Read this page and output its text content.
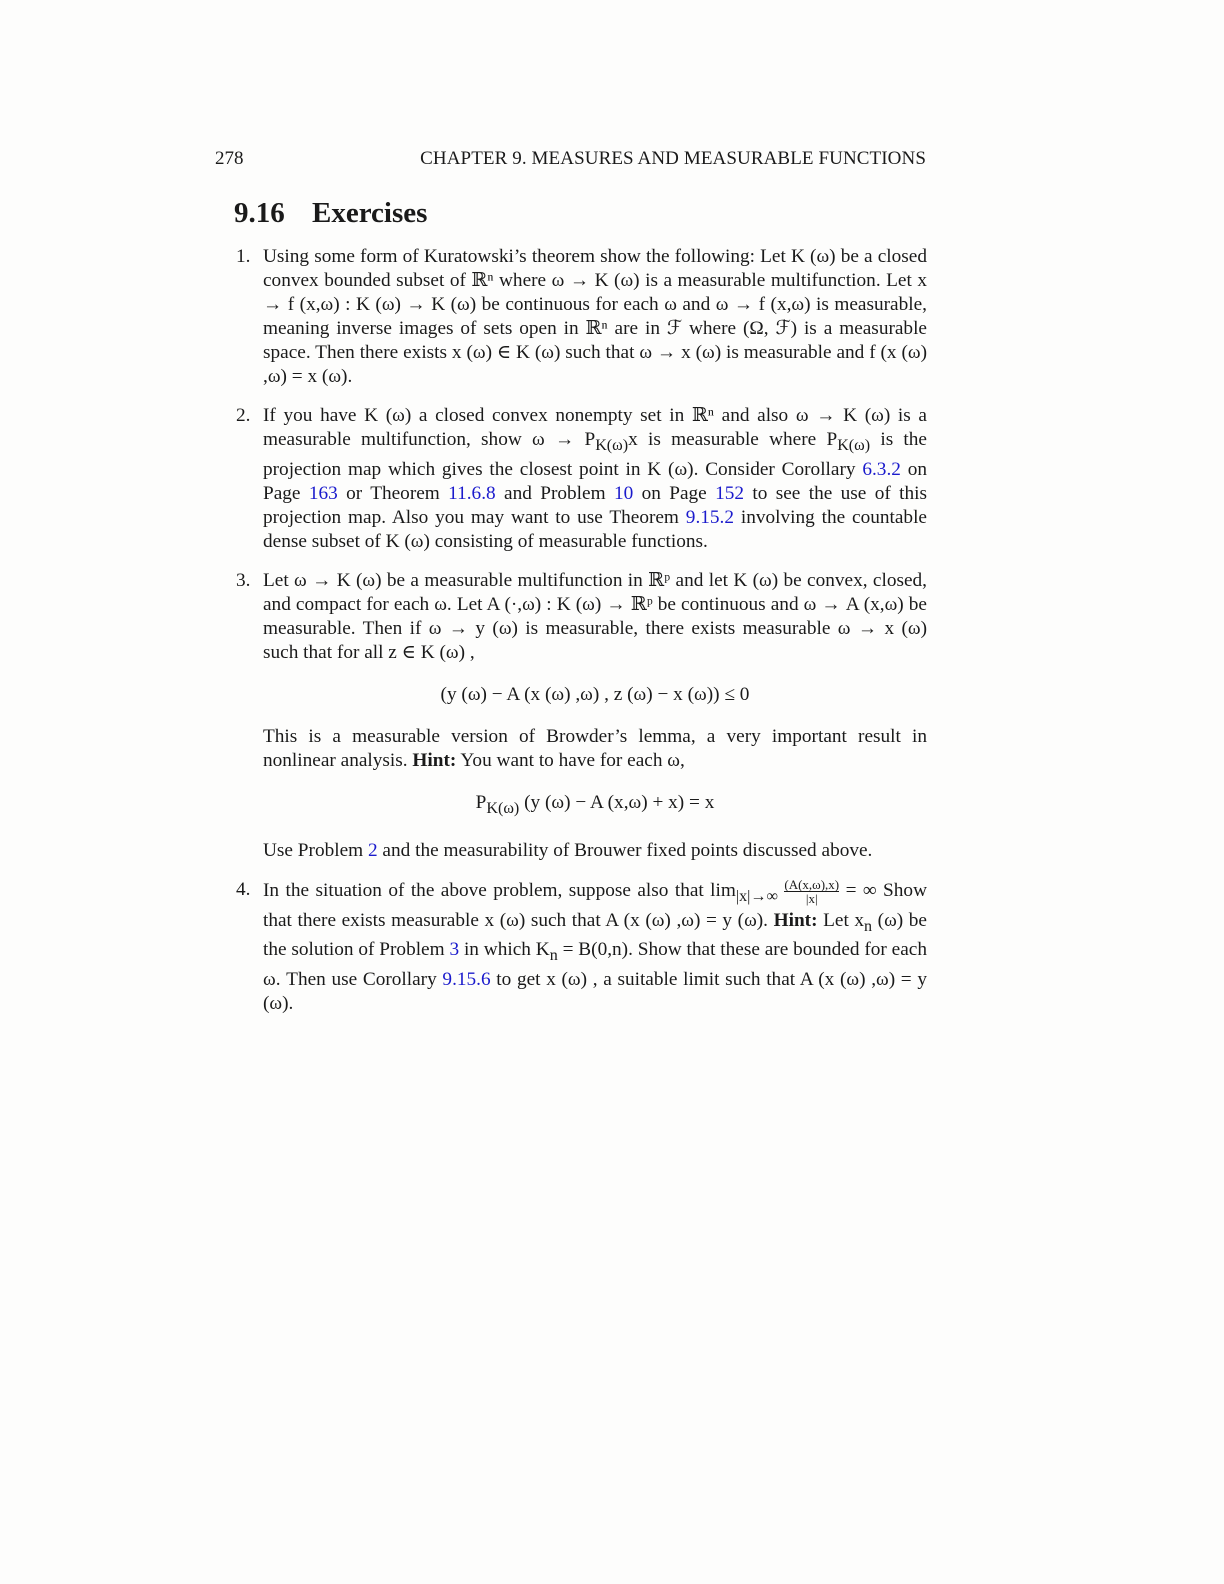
278	CHAPTER 9. MEASURES AND MEASURABLE FUNCTIONS
9.16 Exercises
1. Using some form of Kuratowski’s theorem show the following: Let K (ω) be a closed convex bounded subset of ℝⁿ where ω → K (ω) is a measurable multifunction. Let x → f (x,ω) : K (ω) → K (ω) be continuous for each ω and ω → f (x,ω) is measurable, meaning inverse images of sets open in ℝⁿ are in ℱ where (Ω, ℱ) is a measurable space. Then there exists x (ω) ∈ K (ω) such that ω → x (ω) is measurable and f (x (ω) ,ω) = x (ω).

2. If you have K (ω) a closed convex nonempty set in ℝⁿ and also ω → K (ω) is a measurable multifunction, show $\omega \to P_{K(\omega)}x$ is measurable where $P_{K(\omega)}$ is the projection map which gives the closest point in K (ω). Consider Corollary 6.3.2 on Page 163 or Theorem 11.6.8 and Problem 10 on Page 152 to see the use of this projection map. Also you may want to use Theorem 9.15.2 involving the countable dense subset of K (ω) consisting of measurable functions.

3. Let ω → K (ω) be a measurable multifunction in ℝᵖ and let K (ω) be convex, closed, and compact for each ω. Let A (·,ω) : K (ω) → ℝᵖ be continuous and ω → A (x,ω) be measurable. Then if ω → y (ω) is measurable, there exists measurable ω → x (ω) such that for all z ∈ K (ω) ,

(y (ω) − A (x (ω) ,ω) , z (ω) − x (ω)) ≤ 0

This is a measurable version of Browder’s lemma, a very important result in nonlinear analysis. Hint: You want to have for each ω,

$P_{K(\omega)}$ (y (ω) − A (x,ω) + x) = x

Use Problem 2 and the measurability of Brouwer fixed points discussed above.

4. In the situation of the above problem, suppose also that $\lim_{|x|\to\infty} \frac{(A(x,\omega),x)}{|x|}$ = ∞ Show that there exists measurable x (ω) such that A (x (ω) ,ω) = y (ω). Hint: Let $x_n$ (ω) be the solution of Problem 3 in which $K_n = B(0,n)$. Show that these are bounded for each ω. Then use Corollary 9.15.6 to get x (ω) , a suitable limit such that A (x (ω) ,ω) = y (ω).
